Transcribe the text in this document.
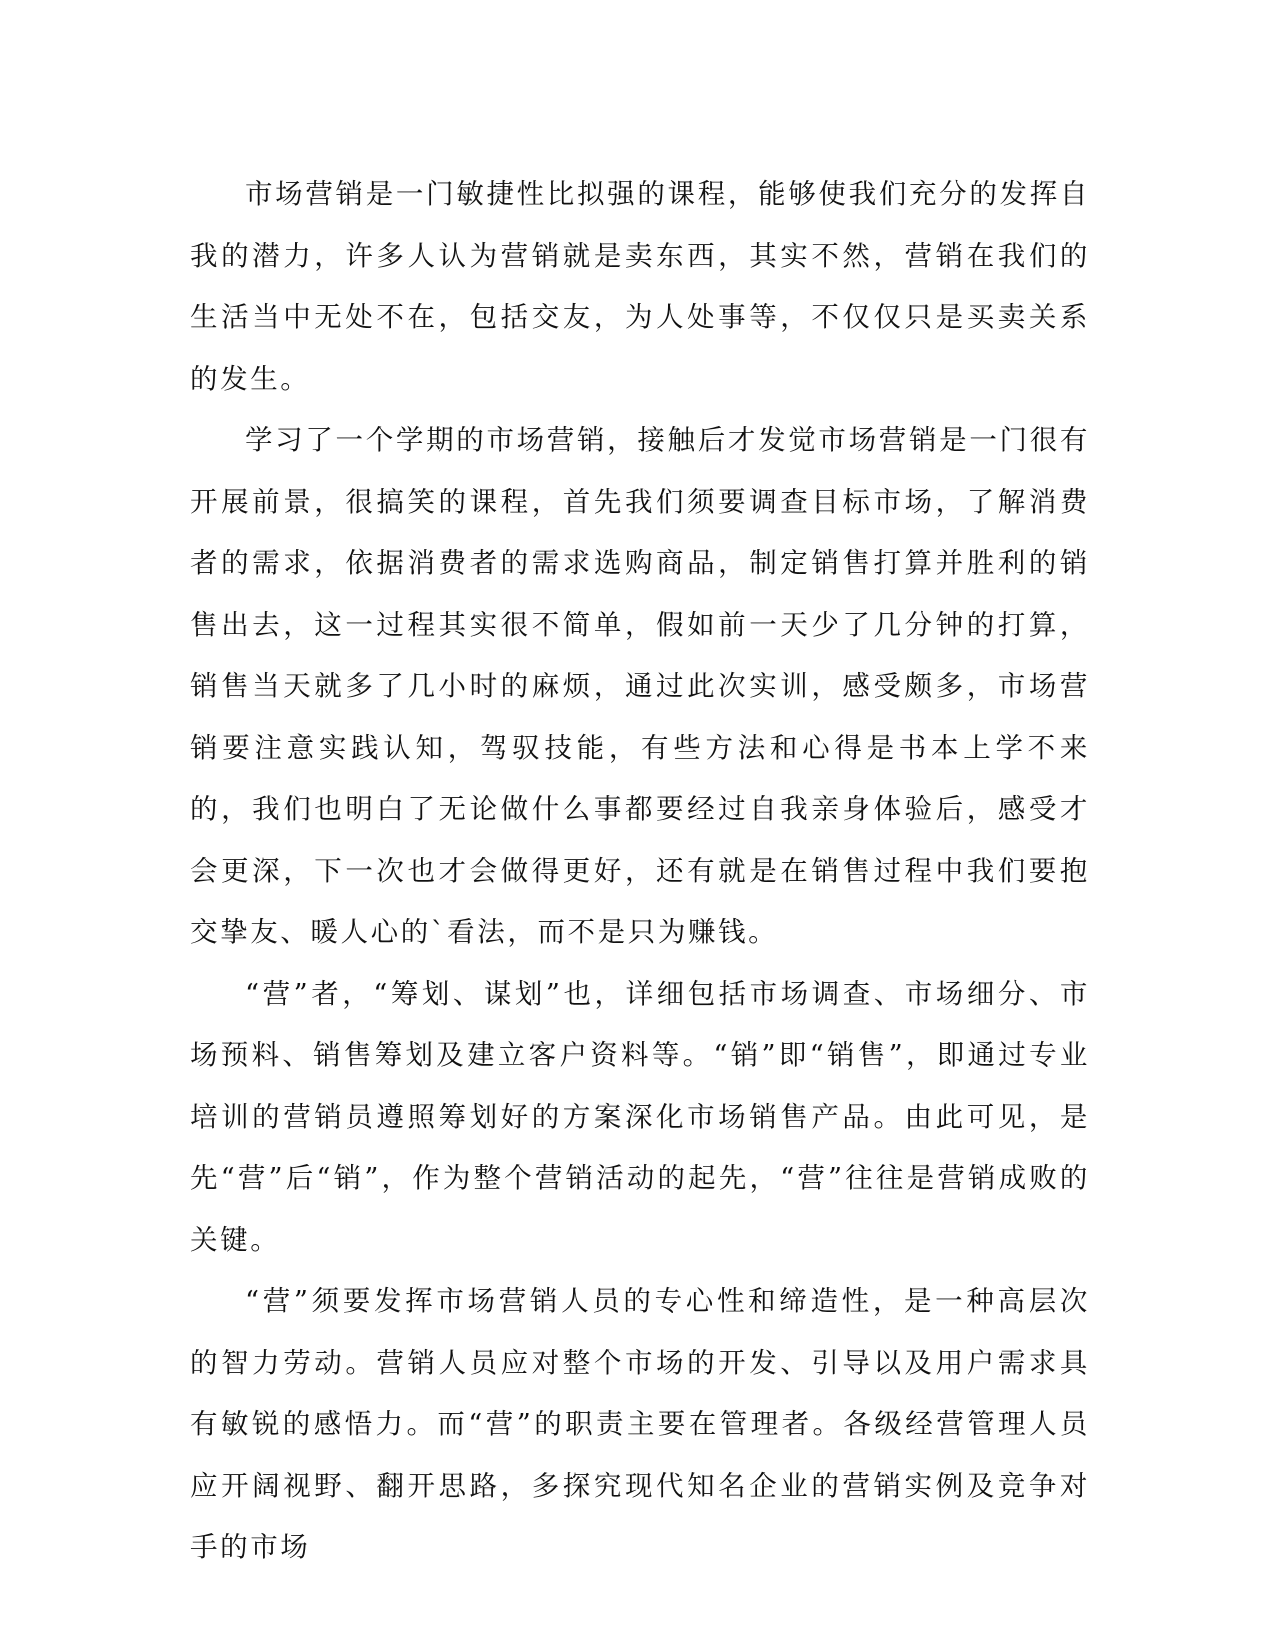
市场营销是一门敏捷性比拟强的课程，能够使我们充分的发挥自我的潜力，许多人认为营销就是卖东西，其实不然，营销在我们的生活当中无处不在，包括交友，为人处事等，不仅仅只是买卖关系的发生。

学习了一个学期的市场营销，接触后才发觉市场营销是一门很有开展前景，很搞笑的课程，首先我们须要调查目标市场，了解消费者的需求，依据消费者的需求选购商品，制定销售打算并胜利的销售出去，这一过程其实很不简单，假如前一天少了几分钟的打算，销售当天就多了几小时的麻烦，通过此次实训，感受颇多，市场营销要注意实践认知，驾驭技能，有些方法和心得是书本上学不来的，我们也明白了无论做什么事都要经过自我亲身体验后，感受才会更深，下一次也才会做得更好，还有就是在销售过程中我们要抱交挚友、暖人心的`看法，而不是只为赚钱。

“营”者，“筹划、谋划”也，详细包括市场调查、市场细分、市场预料、销售筹划及建立客户资料等。“销”即“销售”，即通过专业培训的营销员遵照筹划好的方案深化市场销售产品。由此可见，是先“营”后“销”，作为整个营销活动的起先，“营”往往是营销成败的关键。

“营”须要发挥市场营销人员的专心性和缔造性，是一种高层次的智力劳动。营销人员应对整个市场的开发、引导以及用户需求具有敏锐的感悟力。而“营”的职责主要在管理者。各级经营管理人员应开阔视野、翻开思路，多探究现代知名企业的营销实例及竞争对手的市场
